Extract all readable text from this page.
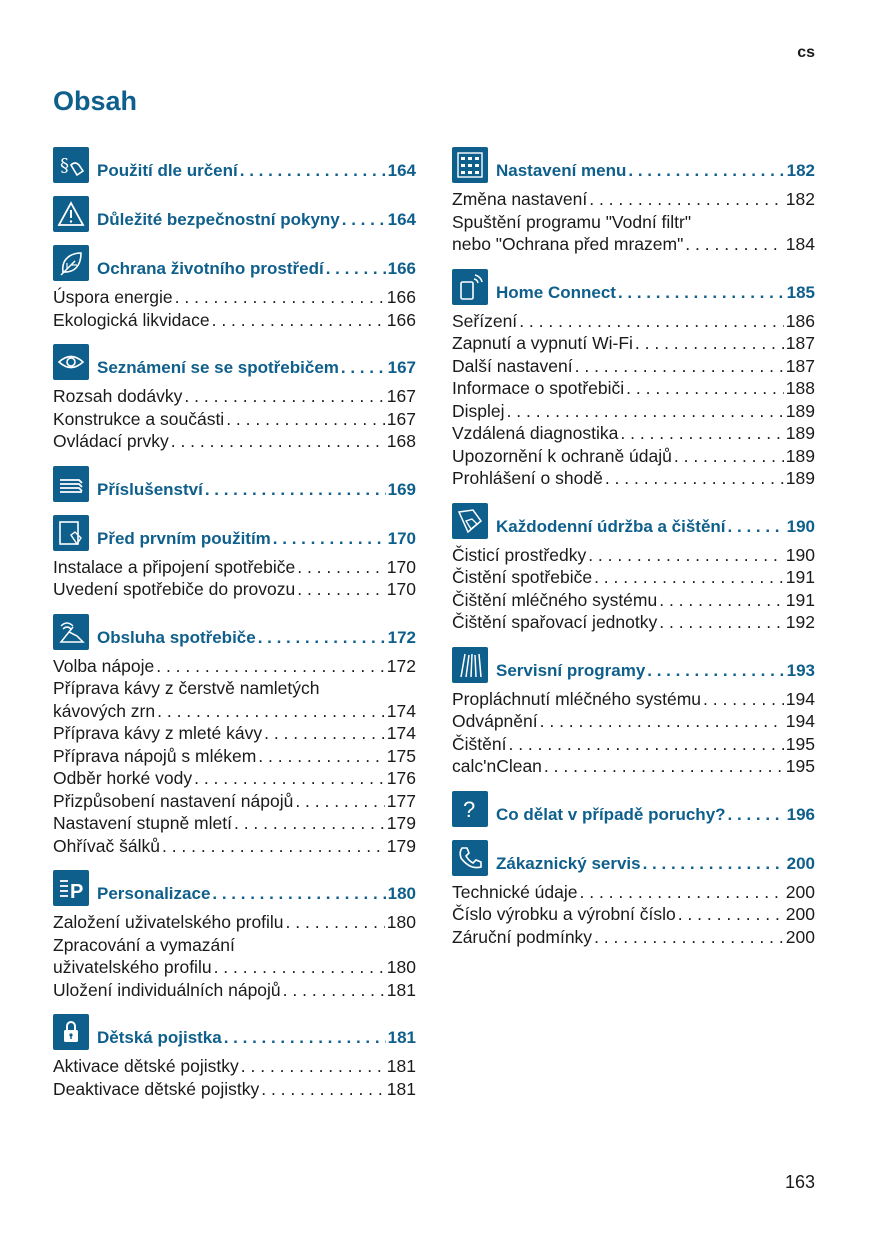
cs
Obsah
§ Použití dle určení . . .	164
Důležité bezpečnostní pokyny . . .	164
Ochrana životního prostředí . . .	166
Úspora energie . . .	166
Ekologická likvidace . . .	166
Seznámení se se spotřebičem . . .	167
Rozsah dodávky . . .	167
Konstrukce a součásti . . .	167
Ovládací prvky . . .	168
Příslušenství . . .	169
Před prvním použitím . . .	170
Instalace a připojení spotřebiče . . .	170
Uvedení spotřebiče do provozu . . .	170
Obsluha spotřebiče . . .	172
Volba nápoje . . .	172
Příprava kávy z čerstvě namletých
kávových zrn . . .	174
Příprava kávy z mleté kávy . . .	174
Příprava nápojů s mlékem . . .	175
Odběr horké vody . . .	176
Přizpůsobení nastavení nápojů . . .	177
Nastavení stupně mletí . . .	179
Ohřívač šálků . . .	179
P Personalizace . . .	180
Založení uživatelského profilu . . .	180
Zpracování a vymazání
uživatelského profilu . . .	180
Uložení individuálních nápojů . . .	181
Dětská pojistka . . .	181
Aktivace dětské pojistky . . .	181
Deaktivace dětské pojistky . . .	181
Nastavení menu . . .	182
Změna nastavení . . .	182
Spuštění programu "Vodní filtr"
nebo "Ochrana před mrazem" . . .	184
Home Connect . . .	185
Seřízení . . .	186
Zapnutí a vypnutí Wi-Fi . . .	187
Další nastavení . . .	187
Informace o spotřebiči . . .	188
Displej . . .	189
Vzdálená diagnostika . . .	189
Upozornění k ochraně údajů . . .	189
Prohlášení o shodě . . .	189
Každodenní údržba a čištění . . .	190
Čisticí prostředky . . .	190
Čistění spotřebiče . . .	191
Čištění mléčného systému . . .	191
Čištění spařovací jednotky . . .	192
Servisní programy . . .	193
Propláchnutí mléčného systému . . .	194
Odvápnění . . .	194
Čištění . . .	195
calc'nClean . . .	195
? Co dělat v případě poruchy? . . .	196
Zákaznický servis . . .	200
Technické údaje . . .	200
Číslo výrobku a výrobní číslo . . .	200
Záruční podmínky . . .	200
163
